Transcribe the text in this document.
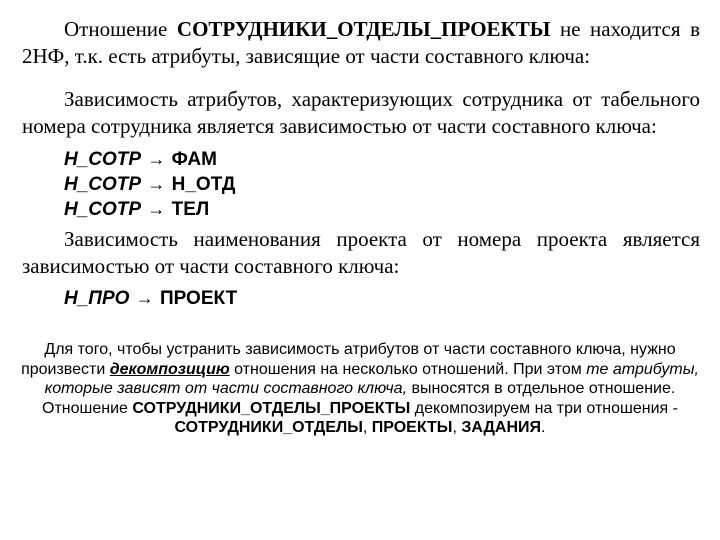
Отношение СОТРУДНИКИ_ОТДЕЛЫ_ПРОЕКТЫ не находится в 2НФ, т.к. есть атрибуты, зависящие от части составного ключа:
Зависимость атрибутов, характеризующих сотрудника от табельного номера сотрудника является зависимостью от части составного ключа:
Н_СОТР → ФАМ
Н_СОТР → Н_ОТД
Н_СОТР → ТЕЛ
Зависимость наименования проекта от номера проекта является зависимостью от части составного ключа:
Н_ПРО → ПРОЕКТ
Для того, чтобы устранить зависимость атрибутов от части составного ключа, нужно произвести декомпозицию отношения на несколько отношений. При этом те атрибуты, которые зависят от части составного ключа, выносятся в отдельное отношение.
Отношение СОТРУДНИКИ_ОТДЕЛЫ_ПРОЕКТЫ декомпозируем на три отношения - СОТРУДНИКИ_ОТДЕЛЫ, ПРОЕКТЫ, ЗАДАНИЯ.
